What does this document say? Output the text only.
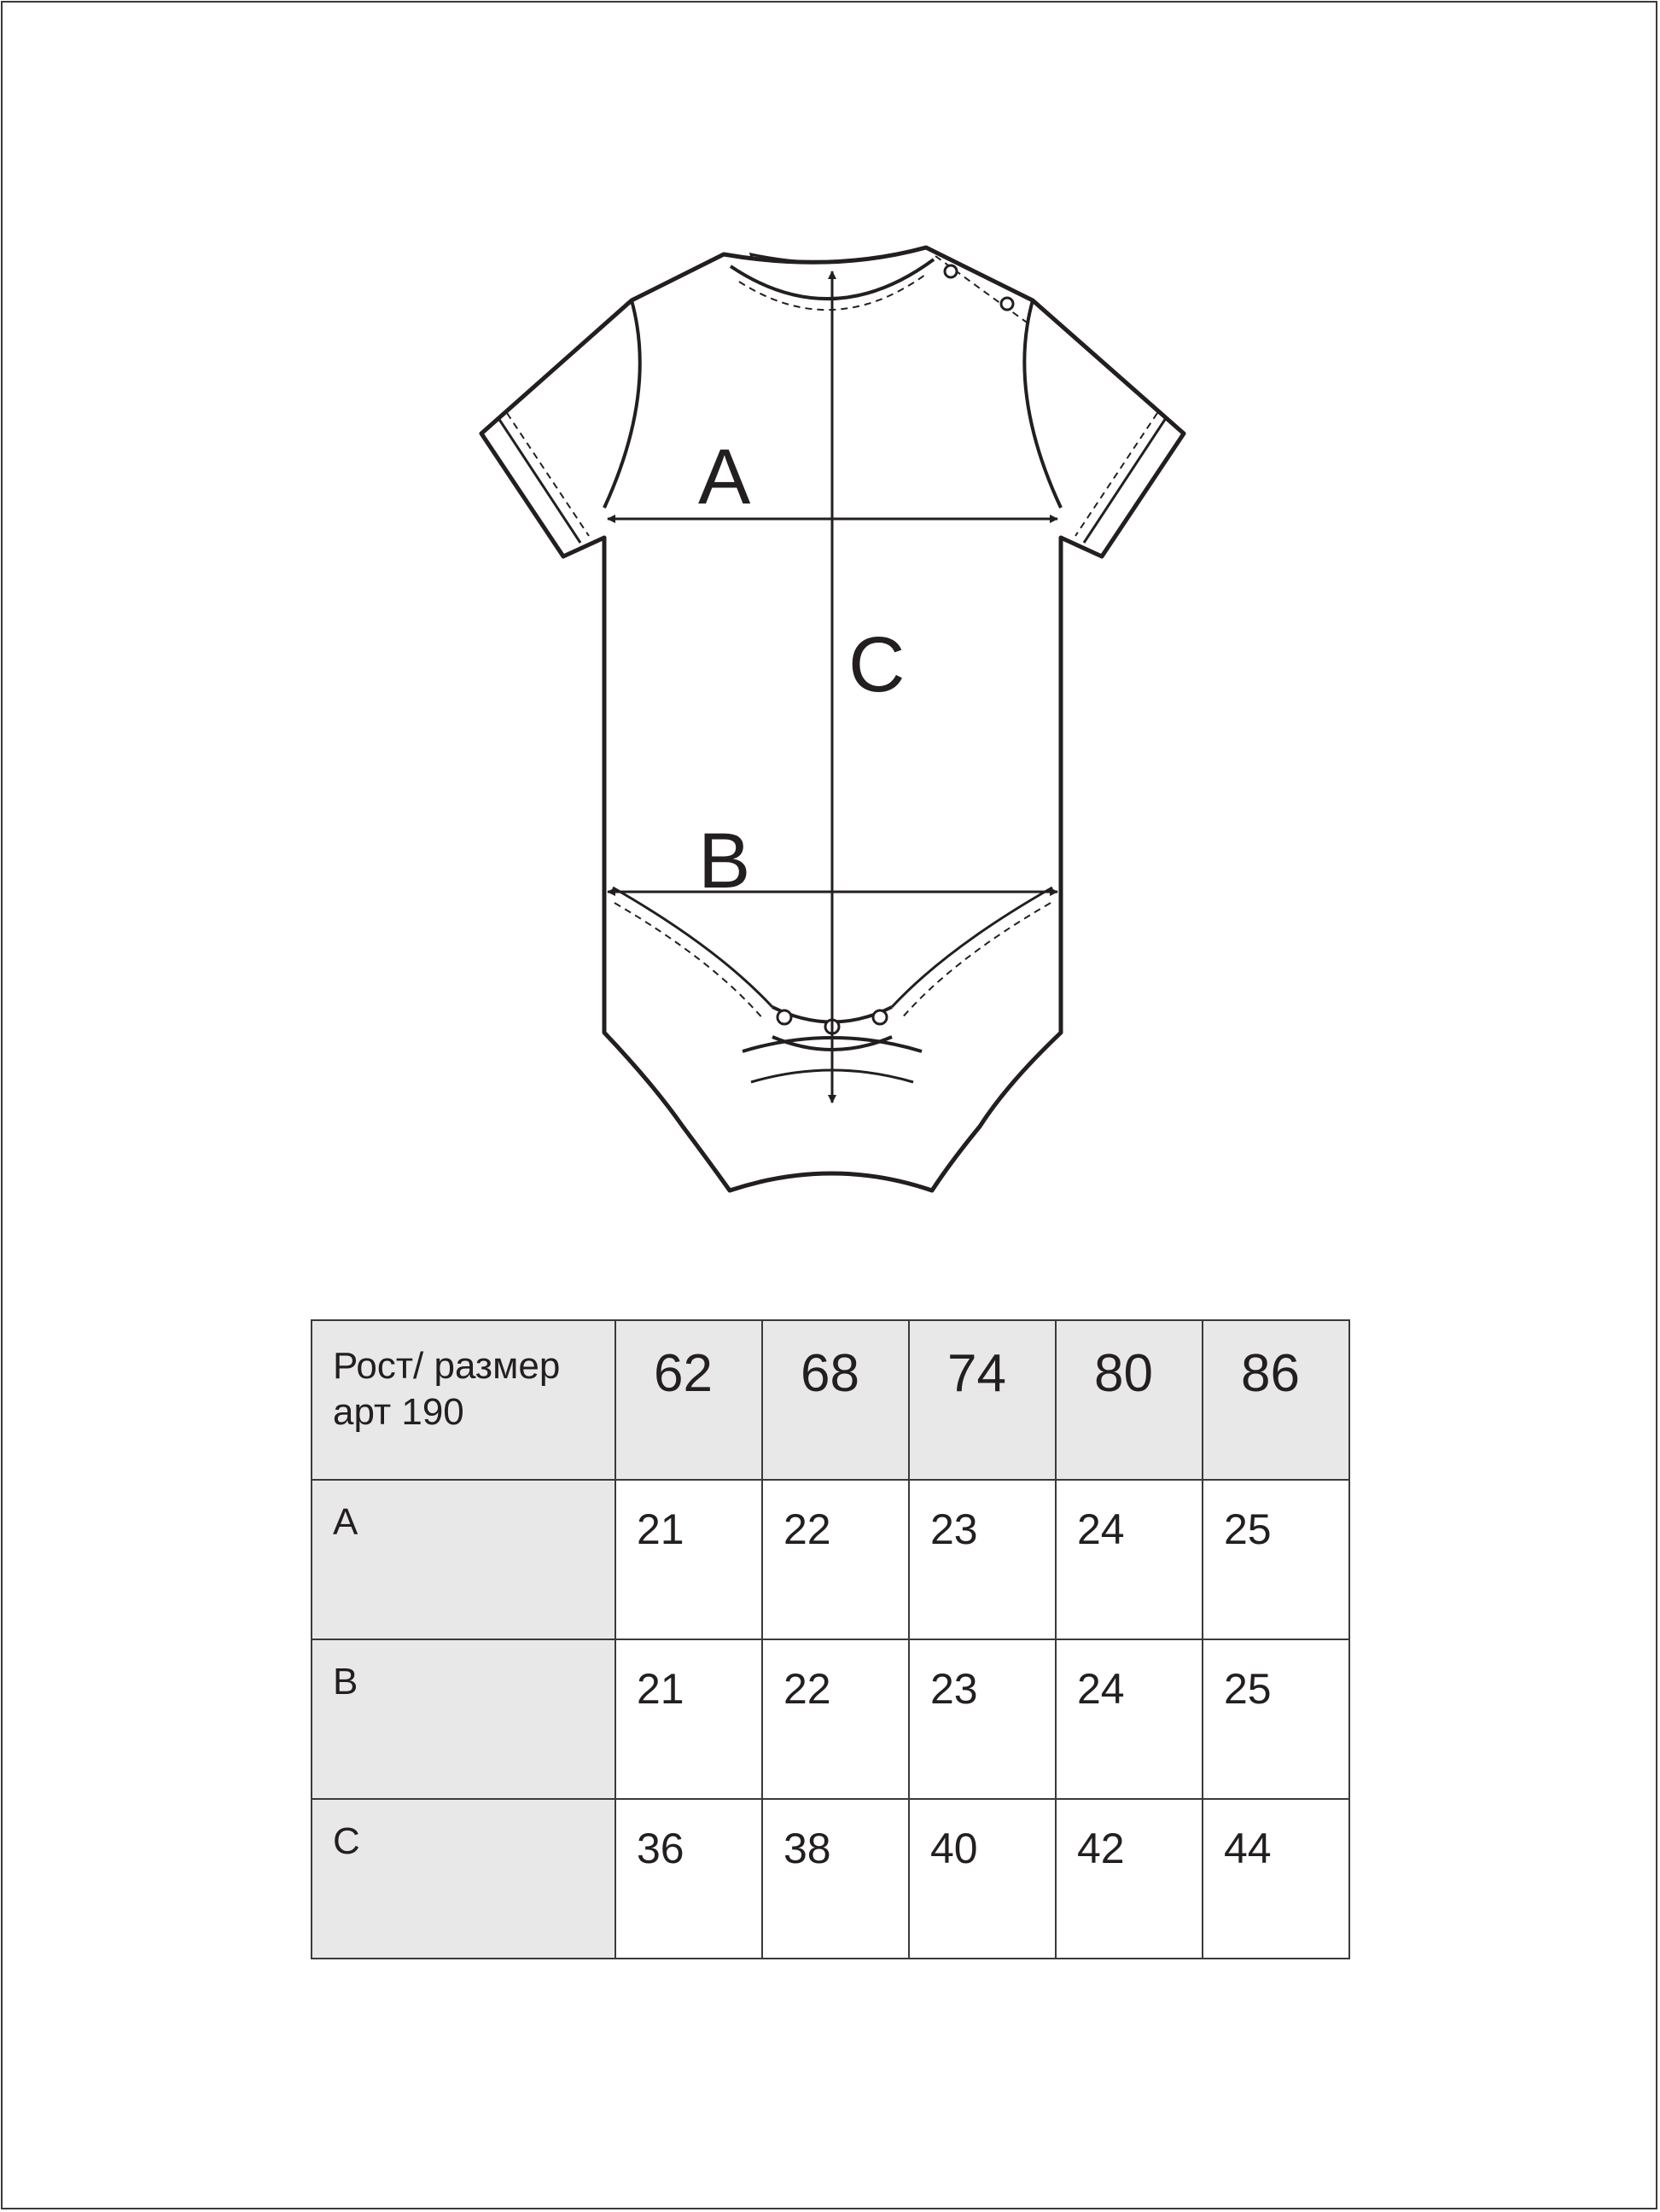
A
B
C
Рост/ размер
арт 190	62	68	74	80	86
A	21	22	23	24	25
B	21	22	23	24	25
C	36	38	40	42	44
